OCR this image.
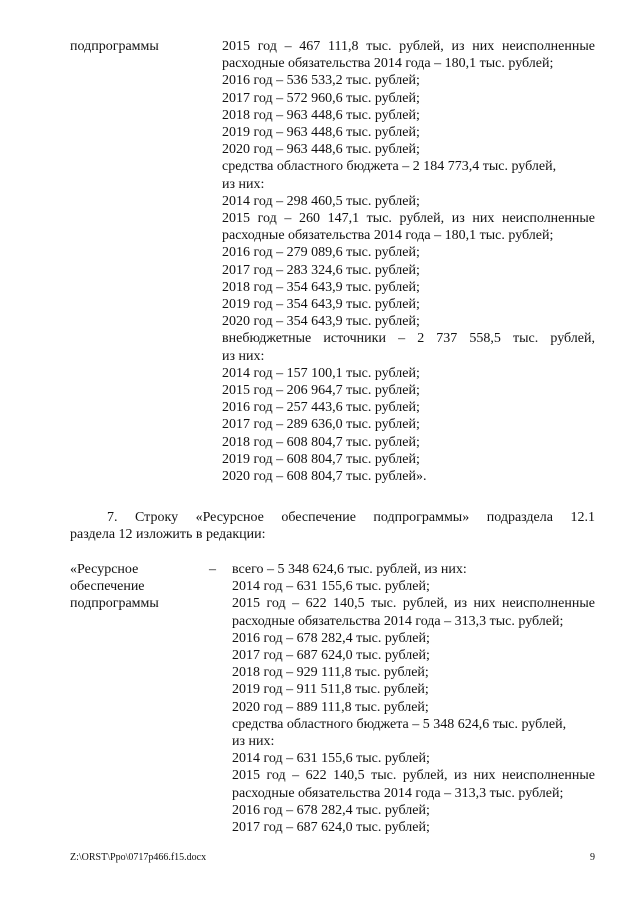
подпрограммы	2015 год – 467 111,8 тыс. рублей, из них неисполненные
расходные обязательства 2014 года – 180,1 тыс. рублей;
2016 год – 536 533,2 тыс. рублей;
2017 год – 572 960,6 тыс. рублей;
2018 год – 963 448,6 тыс. рублей;
2019 год – 963 448,6 тыс. рублей;
2020 год – 963 448,6 тыс. рублей;
средства областного бюджета – 2 184 773,4 тыс. рублей,
из них:
2014 год – 298 460,5 тыс. рублей;
2015 год – 260 147,1 тыс. рублей, из них неисполненные
расходные обязательства 2014 года – 180,1 тыс. рублей;
2016 год – 279 089,6 тыс. рублей;
2017 год – 283 324,6 тыс. рублей;
2018 год – 354 643,9 тыс. рублей;
2019 год – 354 643,9 тыс. рублей;
2020 год – 354 643,9 тыс. рублей;
внебюджетные источники – 2 737 558,5 тыс. рублей,
из них:
2014 год – 157 100,1 тыс. рублей;
2015 год – 206 964,7 тыс. рублей;
2016 год – 257 443,6 тыс. рублей;
2017 год – 289 636,0 тыс. рублей;
2018 год – 608 804,7 тыс. рублей;
2019 год – 608 804,7 тыс. рублей;
2020 год – 608 804,7 тыс. рублей».
7. Строку «Ресурсное обеспечение подпрограммы» подраздела 12.1
раздела 12 изложить в редакции:
«Ресурсное
обеспечение
подпрограммы
– всего – 5 348 624,6 тыс. рублей, из них:
2014 год – 631 155,6 тыс. рублей;
2015 год – 622 140,5 тыс. рублей, из них неисполненные
расходные обязательства 2014 года – 313,3 тыс. рублей;
2016 год – 678 282,4 тыс. рублей;
2017 год – 687 624,0 тыс. рублей;
2018 год – 929 111,8 тыс. рублей;
2019 год – 911 511,8 тыс. рублей;
2020 год – 889 111,8 тыс. рублей;
средства областного бюджета – 5 348 624,6 тыс. рублей,
из них:
2014 год – 631 155,6 тыс. рублей;
2015 год – 622 140,5 тыс. рублей, из них неисполненные
расходные обязательства 2014 года – 313,3 тыс. рублей;
2016 год – 678 282,4 тыс. рублей;
2017 год – 687 624,0 тыс. рублей;
Z:\ORST\Ppo\0717p466.f15.docx	9
